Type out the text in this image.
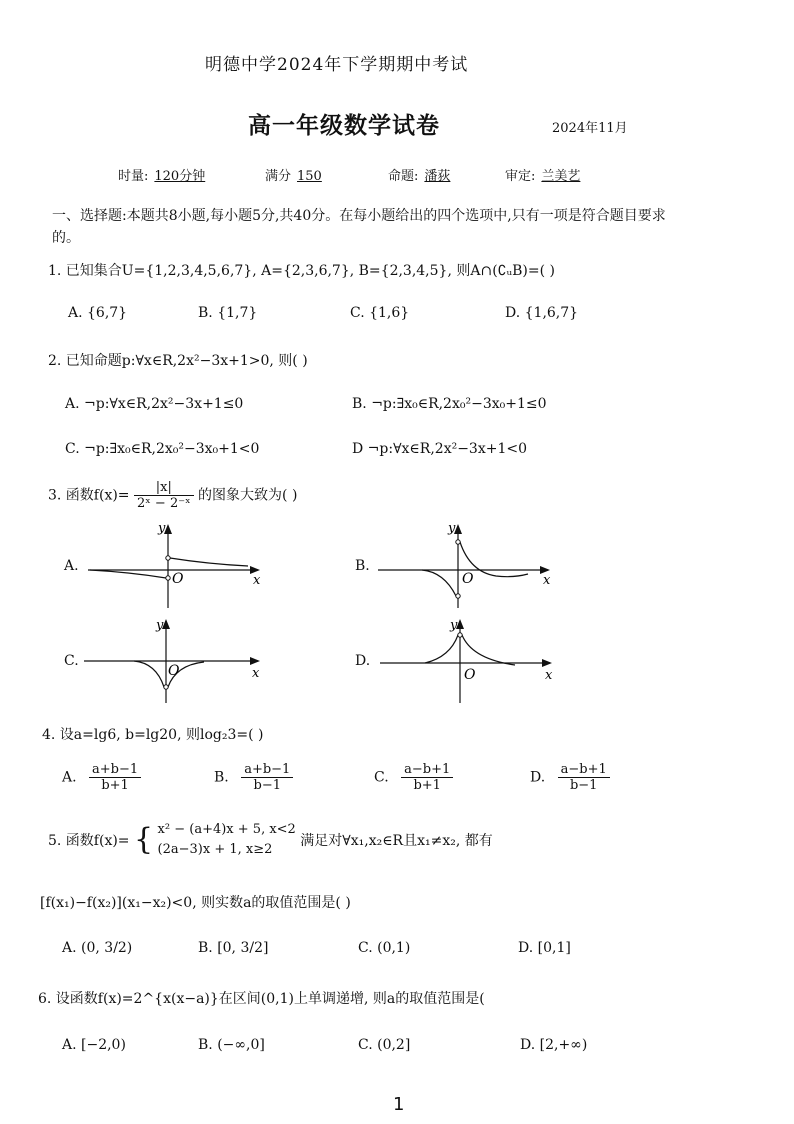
明德中学2024年下学期期中考试
高一年级数学试卷	2024年11月
时量: 120分钟	满分 150	命题: 潘荻	审定: 兰美艺
一、选择题:本题共8小题,每小题5分,共40分。在每小题给出的四个选项中,只有一项是符合题目要求的。
1. 已知集合U={1,2,3,4,5,6,7}, A={2,3,6,7}, B={2,3,4,5}, 则A∩(∁ᵤB)=( )
A. {6,7}	B. {1,7}	C. {1,6}	D. {1,6,7}
2. 已知命题p:∀x∈R,2x²−3x+1>0, 则( )
A. ¬p:∀x∈R,2x²−3x+1≤0	B. ¬p:∃x₀∈R,2x₀²−3x₀+1≤0
C. ¬p:∃x₀∈R,2x₀²−3x₀+1<0	D ¬p:∀x∈R,2x²−3x+1<0
3. 函数$f(x)= \frac{|x|}{\text{2ˣ − 2⁻ˣ}}$ 的图象大致为( )
A.
y
x
O
B.
y
x
O
C.
y
x
O
D.
y
x
O
4. 设a=lg6, b=lg20, 则log₂3=( )
A. $\frac{a+b-1}{b+1}$	B. $\frac{a+b-1}{b-1}$	C. $\frac{a-b+1}{b+1}$	D. $\frac{a-b+1}{b-1}$
5. 函数f(x)= { x² − (a+4)x + 5, x<2
(2a−3)x + 1, x≥2
满足对∀x₁,x₂∈R且x₁≠x₂, 都有
[f(x₁)−f(x₂)](x₁−x₂)<0, 则实数a的取值范围是( )
A. (0, 3/2)	B. [0, 3/2]	C. (0,1)	D. [0,1]
6. 设函数f(x)=2^{x(x−a)}在区间(0,1)上单调递增, 则a的取值范围是(
A. [−2,0)	B. (−∞,0]	C. (0,2]	D. [2,+∞)
1
